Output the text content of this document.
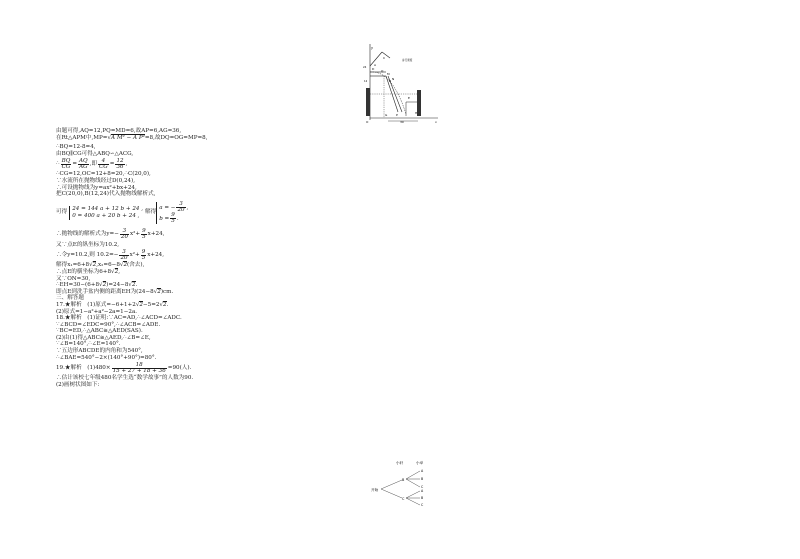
y
D
C
24
A
Q
M
12
N
B
O	30
H
E
P
G
x
步行速度
由题可得,AQ=12,PQ=MD=6,故AP=6,AG=36,
在Rt△APM中,MP=√A M² − A P²=8,故DQ=OG=MP=8,
∴BQ=12-8=4,
由BQ∥CG可得△ABQ∽△ACG,
∴ $\frac{BQ}{CG} = \frac{AQ}{AG}$ ,即 $\frac{4}{CG} = \frac{12}{36}$ ,
∴CG=12,OC=12+8=20,∴C(20,0),
∵水流所在抛物线经过D(0,24),
∴可设抛物线为y=ax²+bx+24,
把C(20,0),B(12,24)代入抛物线解析式,
可得
24 = 144 a + 12 b + 24 ,
0 = 400 a + 20 b + 24 ,
解得
a = − $\frac{3}{20}$ ,
$b = \frac{9}{5}$ .
∴抛物线的解析式为$y=- \frac{3}{20} x^2+ \frac{9}{5} x+24$,
又∵点E的纵坐标为10.2,
∴令y=10.2,则 $10.2=- \frac{3}{20} x^2+ \frac{9}{5} x+24$,
解得x₁=6+8√2,x₂=6−8√2(舍去),
∴点E的横坐标为6+8√2,
又∵ON=30,
∴EH=30−(6+8√2)=24−8√2.
即点E到洗手盆内侧的距离EH为(24−8√2)cm.
三、解答题
17.★解析　(1)原式=−6+1+2√2−5=2√2.
(2)原式=1−a²+a²−2a=1−2a.
18.★解析　(1)证明:∵AC=AD,∴∠ACD=∠ADC.
∵∠BCD=∠EDC=90°,∴∠ACB=∠ADE.
∵BC=ED,∴△ABC≅△AED(SAS).
(2)由(1)得△ABC≅△AED,∴∠B=∠E,
∵∠B=140°,∴∠E=140°.
∵五边形ABCDE的内角和为540°,
∴∠BAE=540°−2×(140°+90°)=80°.
19.★解析　$(1)480\times \frac{18}{15 + 27 + 18 + 36} =90$(人).
∴估计该校七年级480名学生选“数学故事”的人数为90.
(2)画树状图如下:
小轩	小举
开始
B
C
A
B
C
A
B
C
